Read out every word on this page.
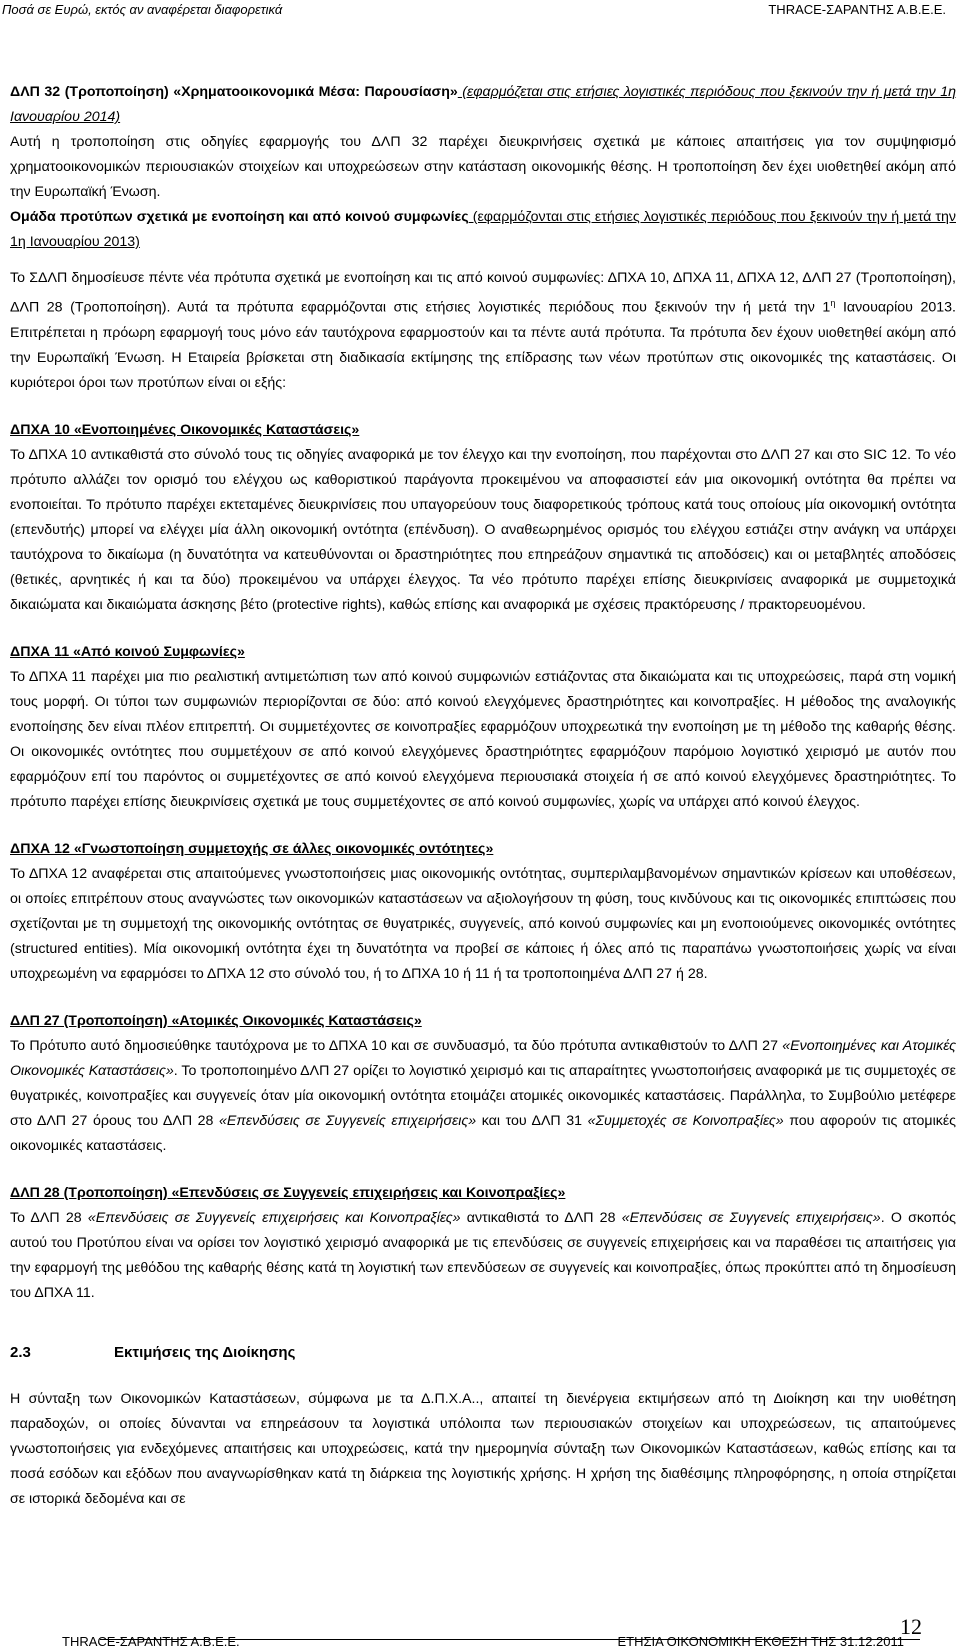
Ποσά σε Ευρώ, εκτός αν αναφέρεται διαφορετικά	THRACE-ΣΑΡΑΝΤΗΣ Α.Β.Ε.Ε.

ΔΛΠ 32 (Τροποποίηση) «Χρηματοοικονομικά Μέσα: Παρουσίαση» (εφαρμόζεται στις ετήσιες λογιστικές περιόδους που ξεκινούν την ή μετά την 1η Ιανουαρίου 2014)

Αυτή η τροποποίηση στις οδηγίες εφαρμογής του ΔΛΠ 32 παρέχει διευκρινήσεις σχετικά με κάποιες απαιτήσεις για τον συμψηφισμό χρηματοοικονομικών περιουσιακών στοιχείων και υποχρεώσεων στην κατάσταση οικονομικής θέσης. Η τροποποίηση δεν έχει υιοθετηθεί ακόμη από την Ευρωπαϊκή Ένωση.

Ομάδα προτύπων σχετικά με ενοποίηση και από κοινού συμφωνίες (εφαρμόζονται στις ετήσιες λογιστικές περιόδους που ξεκινούν την ή μετά την 1η Ιανουαρίου 2013)

Το ΣΔΛΠ δημοσίευσε πέντε νέα πρότυπα σχετικά με ενοποίηση και τις από κοινού συμφωνίες: ΔΠΧΑ 10, ΔΠΧΑ 11, ΔΠΧΑ 12, ΔΛΠ 27 (Τροποποίηση), ΔΛΠ 28 (Τροποποίηση). Αυτά τα πρότυπα εφαρμόζονται στις ετήσιες λογιστικές περιόδους που ξεκινούν την ή μετά την $1^\eta$ Ιανουαρίου 2013. Επιτρέπεται η πρόωρη εφαρμογή τους μόνο εάν ταυτόχρονα εφαρμοστούν και τα πέντε αυτά πρότυπα. Τα πρότυπα δεν έχουν υιοθετηθεί ακόμη από την Ευρωπαϊκή Ένωση. Η Εταιρεία βρίσκεται στη διαδικασία εκτίμησης της επίδρασης των νέων προτύπων στις οικονομικές της καταστάσεις. Οι κυριότεροι όροι των προτύπων είναι οι εξής:

ΔΠΧΑ 10 «Ενοποιημένες Οικονομικές Καταστάσεις»

Το ΔΠΧΑ 10 αντικαθιστά στο σύνολό τους τις οδηγίες αναφορικά με τον έλεγχο και την ενοποίηση, που παρέχονται στο ΔΛΠ 27 και στο SIC 12. Το νέο πρότυπο αλλάζει τον ορισμό του ελέγχου ως καθοριστικού παράγοντα προκειμένου να αποφασιστεί εάν μια οικονομική οντότητα θα πρέπει να ενοποιείται. Το πρότυπο παρέχει εκτεταμένες διευκρινίσεις που υπαγορεύουν τους διαφορετικούς τρόπους κατά τους οποίους μία οικονομική οντότητα (επενδυτής) μπορεί να ελέγχει μία άλλη οικονομική οντότητα (επένδυση). Ο αναθεωρημένος ορισμός του ελέγχου εστιάζει στην ανάγκη να υπάρχει ταυτόχρονα το δικαίωμα (η δυνατότητα να κατευθύνονται οι δραστηριότητες που επηρεάζουν σημαντικά τις αποδόσεις) και οι μεταβλητές αποδόσεις (θετικές, αρνητικές ή και τα δύο) προκειμένου να υπάρχει έλεγχος. Τα νέο πρότυπο παρέχει επίσης διευκρινίσεις αναφορικά με συμμετοχικά δικαιώματα και δικαιώματα άσκησης βέτο (protective rights), καθώς επίσης και αναφορικά με σχέσεις πρακτόρευσης / πρακτορευομένου.

ΔΠΧΑ 11 «Από κοινού Συμφωνίες»

Το ΔΠΧΑ 11 παρέχει μια πιο ρεαλιστική αντιμετώπιση των από κοινού συμφωνιών εστιάζοντας στα δικαιώματα και τις υποχρεώσεις, παρά στη νομική τους μορφή. Οι τύποι των συμφωνιών περιορίζονται σε δύο: από κοινού ελεγχόμενες δραστηριότητες και κοινοπραξίες. Η μέθοδος της αναλογικής ενοποίησης δεν είναι πλέον επιτρεπτή. Οι συμμετέχοντες σε κοινοπραξίες εφαρμόζουν υποχρεωτικά την ενοποίηση με τη μέθοδο της καθαρής θέσης. Οι οικονομικές οντότητες που συμμετέχουν σε από κοινού ελεγχόμενες δραστηριότητες εφαρμόζουν παρόμοιο λογιστικό χειρισμό με αυτόν που εφαρμόζουν επί του παρόντος οι συμμετέχοντες σε από κοινού ελεγχόμενα περιουσιακά στοιχεία ή σε από κοινού ελεγχόμενες δραστηριότητες. Το πρότυπο παρέχει επίσης διευκρινίσεις σχετικά με τους συμμετέχοντες σε από κοινού συμφωνίες, χωρίς να υπάρχει από κοινού έλεγχος.

ΔΠΧΑ 12 «Γνωστοποίηση συμμετοχής σε άλλες οικονομικές οντότητες»

Το ΔΠΧΑ 12 αναφέρεται στις απαιτούμενες γνωστοποιήσεις μιας οικονομικής οντότητας, συμπεριλαμβανομένων σημαντικών κρίσεων και υποθέσεων, οι οποίες επιτρέπουν στους αναγνώστες των οικονομικών καταστάσεων να αξιολογήσουν τη φύση, τους κινδύνους και τις οικονομικές επιπτώσεις που σχετίζονται με τη συμμετοχή της οικονομικής οντότητας σε θυγατρικές, συγγενείς, από κοινού συμφωνίες και μη ενοποιούμενες οικονομικές οντότητες (structured entities). Μία οικονομική οντότητα έχει τη δυνατότητα να προβεί σε κάποιες ή όλες από τις παραπάνω γνωστοποιήσεις χωρίς να είναι υποχρεωμένη να εφαρμόσει το ΔΠΧΑ 12 στο σύνολό του, ή το ΔΠΧΑ 10 ή 11 ή τα τροποποιημένα ΔΛΠ 27 ή 28.

ΔΛΠ 27 (Τροποποίηση) «Ατομικές Οικονομικές Καταστάσεις»

Το Πρότυπο αυτό δημοσιεύθηκε ταυτόχρονα με το ΔΠΧΑ 10 και σε συνδυασμό, τα δύο πρότυπα αντικαθιστούν το ΔΛΠ 27 «Ενοποιημένες και Ατομικές Οικονομικές Καταστάσεις». Το τροποποιημένο ΔΛΠ 27 ορίζει το λογιστικό χειρισμό και τις απαραίτητες γνωστοποιήσεις αναφορικά με τις συμμετοχές σε θυγατρικές, κοινοπραξίες και συγγενείς όταν μία οικονομική οντότητα ετοιμάζει ατομικές οικονομικές καταστάσεις. Παράλληλα, το Συμβούλιο μετέφερε στο ΔΛΠ 27 όρους του ΔΛΠ 28 «Επενδύσεις σε Συγγενείς επιχειρήσεις» και του ΔΛΠ 31 «Συμμετοχές σε Κοινοπραξίες» που αφορούν τις ατομικές οικονομικές καταστάσεις.

ΔΛΠ 28 (Τροποποίηση) «Επενδύσεις σε Συγγενείς επιχειρήσεις και Κοινοπραξίες»

Το ΔΛΠ 28 «Επενδύσεις σε Συγγενείς επιχειρήσεις και Κοινοπραξίες» αντικαθιστά το ΔΛΠ 28 «Επενδύσεις σε Συγγενείς επιχειρήσεις». Ο σκοπός αυτού του Προτύπου είναι να ορίσει τον λογιστικό χειρισμό αναφορικά με τις επενδύσεις σε συγγενείς επιχειρήσεις και να παραθέσει τις απαιτήσεις για την εφαρμογή της μεθόδου της καθαρής θέσης κατά τη λογιστική των επενδύσεων σε συγγενείς και κοινοπραξίες, όπως προκύπτει από τη δημοσίευση του ΔΠΧΑ 11.

2.3	Εκτιμήσεις της Διοίκησης

Η σύνταξη των Οικονομικών Καταστάσεων, σύμφωνα με τα Δ.Π.Χ.Α.., απαιτεί τη διενέργεια εκτιμήσεων από τη Διοίκηση και την υιοθέτηση παραδοχών, οι οποίες δύνανται να επηρεάσουν τα λογιστικά υπόλοιπα των περιουσιακών στοιχείων και υποχρεώσεων, τις απαιτούμενες γνωστοποιήσεις για ενδεχόμενες απαιτήσεις και υποχρεώσεις, κατά την ημερομηνία σύνταξη των Οικονομικών Καταστάσεων, καθώς επίσης και τα ποσά εσόδων και εξόδων που αναγνωρίσθηκαν κατά τη διάρκεια της λογιστικής χρήσης. Η χρήση της διαθέσιμης πληροφόρησης, η οποία στηρίζεται σε ιστορικά δεδομένα και σε

12
THRACE-ΣΑΡΑΝΤΗΣ Α.Β.Ε.Ε.	ΕΤΗΣΙΑ ΟΙΚΟΝΟΜΙΚΗ ΕΚΘΕΣΗ ΤΗΣ 31.12.2011
